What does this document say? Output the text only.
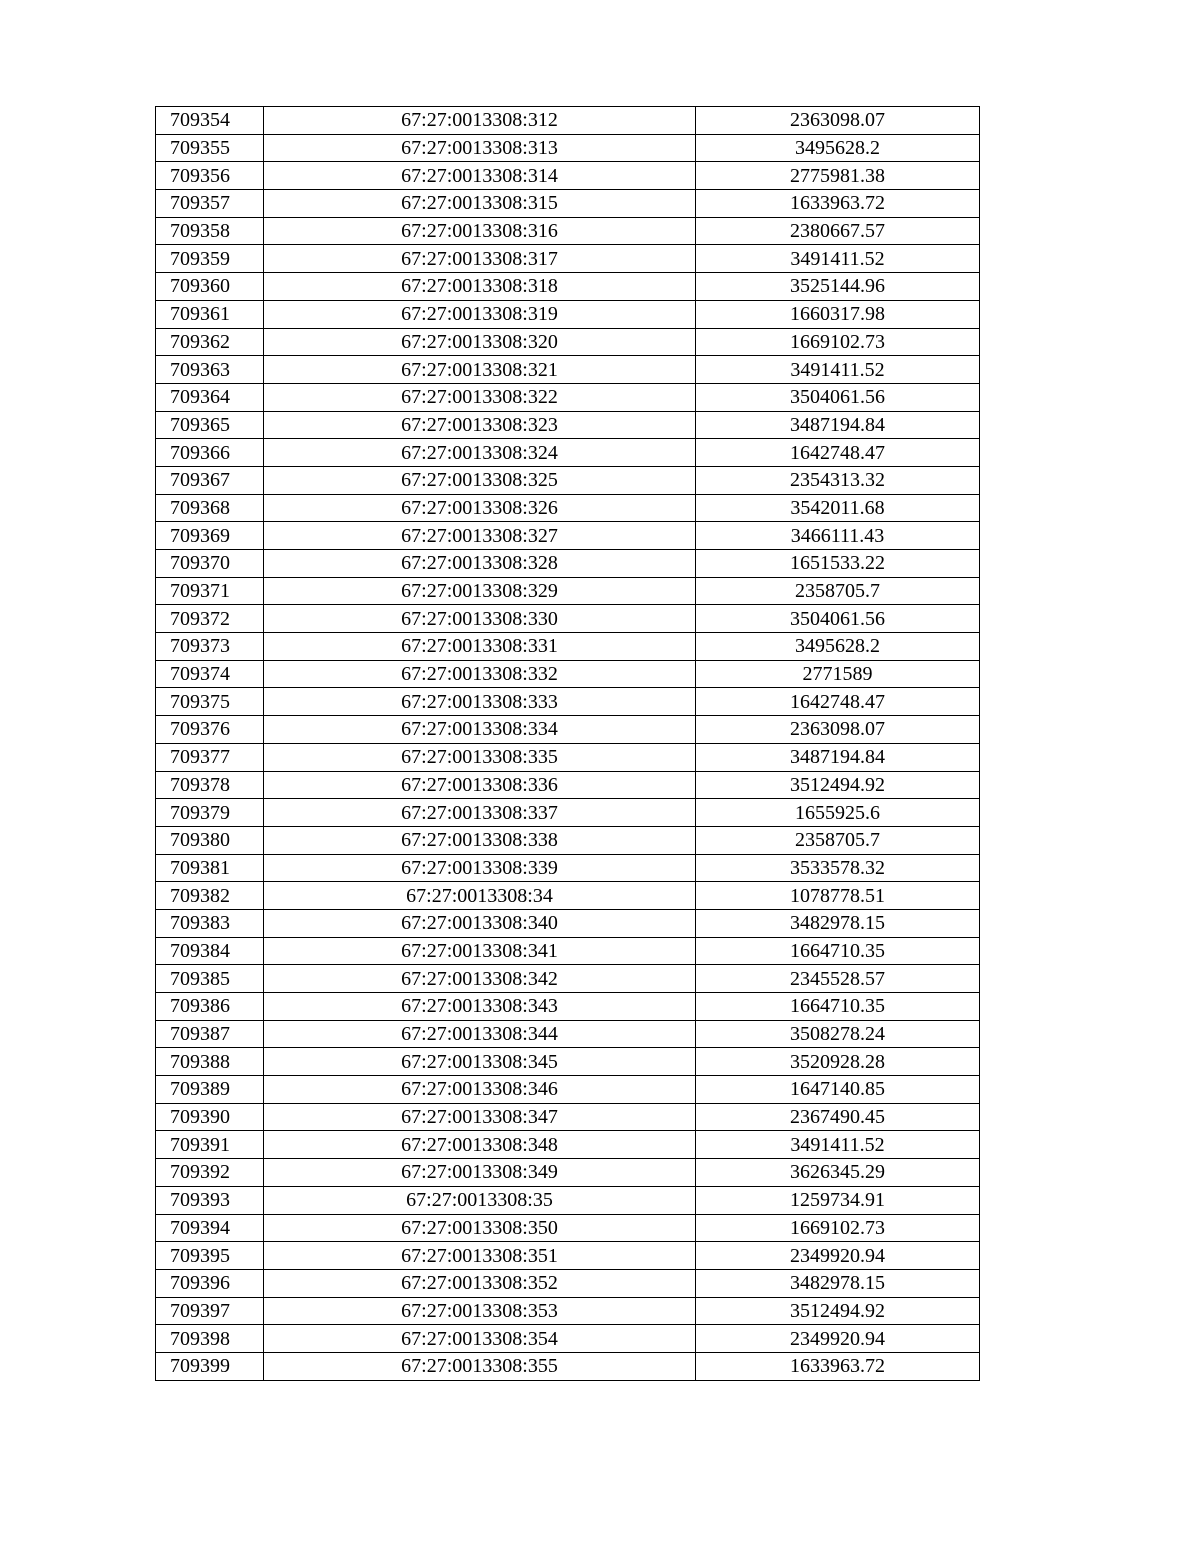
709354	67:27:0013308:312	2363098.07
709355	67:27:0013308:313	3495628.2
709356	67:27:0013308:314	2775981.38
709357	67:27:0013308:315	1633963.72
709358	67:27:0013308:316	2380667.57
709359	67:27:0013308:317	3491411.52
709360	67:27:0013308:318	3525144.96
709361	67:27:0013308:319	1660317.98
709362	67:27:0013308:320	1669102.73
709363	67:27:0013308:321	3491411.52
709364	67:27:0013308:322	3504061.56
709365	67:27:0013308:323	3487194.84
709366	67:27:0013308:324	1642748.47
709367	67:27:0013308:325	2354313.32
709368	67:27:0013308:326	3542011.68
709369	67:27:0013308:327	3466111.43
709370	67:27:0013308:328	1651533.22
709371	67:27:0013308:329	2358705.7
709372	67:27:0013308:330	3504061.56
709373	67:27:0013308:331	3495628.2
709374	67:27:0013308:332	2771589
709375	67:27:0013308:333	1642748.47
709376	67:27:0013308:334	2363098.07
709377	67:27:0013308:335	3487194.84
709378	67:27:0013308:336	3512494.92
709379	67:27:0013308:337	1655925.6
709380	67:27:0013308:338	2358705.7
709381	67:27:0013308:339	3533578.32
709382	67:27:0013308:34	1078778.51
709383	67:27:0013308:340	3482978.15
709384	67:27:0013308:341	1664710.35
709385	67:27:0013308:342	2345528.57
709386	67:27:0013308:343	1664710.35
709387	67:27:0013308:344	3508278.24
709388	67:27:0013308:345	3520928.28
709389	67:27:0013308:346	1647140.85
709390	67:27:0013308:347	2367490.45
709391	67:27:0013308:348	3491411.52
709392	67:27:0013308:349	3626345.29
709393	67:27:0013308:35	1259734.91
709394	67:27:0013308:350	1669102.73
709395	67:27:0013308:351	2349920.94
709396	67:27:0013308:352	3482978.15
709397	67:27:0013308:353	3512494.92
709398	67:27:0013308:354	2349920.94
709399	67:27:0013308:355	1633963.72
